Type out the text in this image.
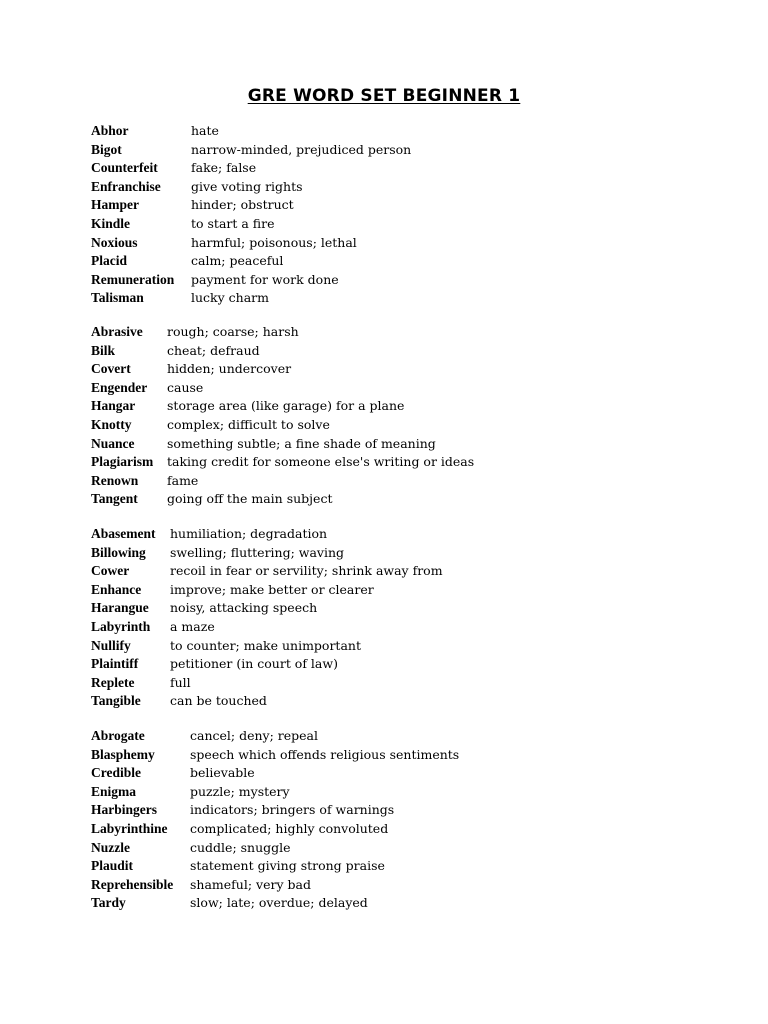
GRE WORD SET BEGINNER 1
Abhor	hate
Bigot	narrow-minded, prejudiced person
Counterfeit	fake; false
Enfranchise give voting rights
Hamper	hinder; obstruct
Kindle	to start a fire
Noxious	harmful; poisonous; lethal
Placid	calm; peaceful
Remuneration payment for work done
Talisman	lucky charm
Abrasive rough; coarse; harsh
Bilk	cheat; defraud
Covert	hidden; undercover
Engender cause
Hangar	storage area (like garage) for a plane
Knotty	complex; difficult to solve
Nuance	something subtle; a fine shade of meaning
Plagiarism taking credit for someone else's writing or ideas
Renown fame
Tangent going off the main subject
Abasement humiliation; degradation
Billowing swelling; fluttering; waving
Cower	recoil in fear or servility; shrink away from
Enhance improve; make better or clearer
Harangue noisy, attacking speech
Labyrinth a maze
Nullify	to counter; make unimportant
Plaintiff	petitioner (in court of law)
Replete	full
Tangible can be touched
Abrogate	cancel; deny; repeal
Blasphemy	speech which offends religious sentiments
Credible	believable
Enigma	puzzle; mystery
Harbingers	indicators; bringers of warnings
Labyrinthine complicated; highly convoluted
Nuzzle	cuddle; snuggle
Plaudit	statement giving strong praise
Reprehensible shameful; very bad
Tardy	slow; late; overdue; delayed
